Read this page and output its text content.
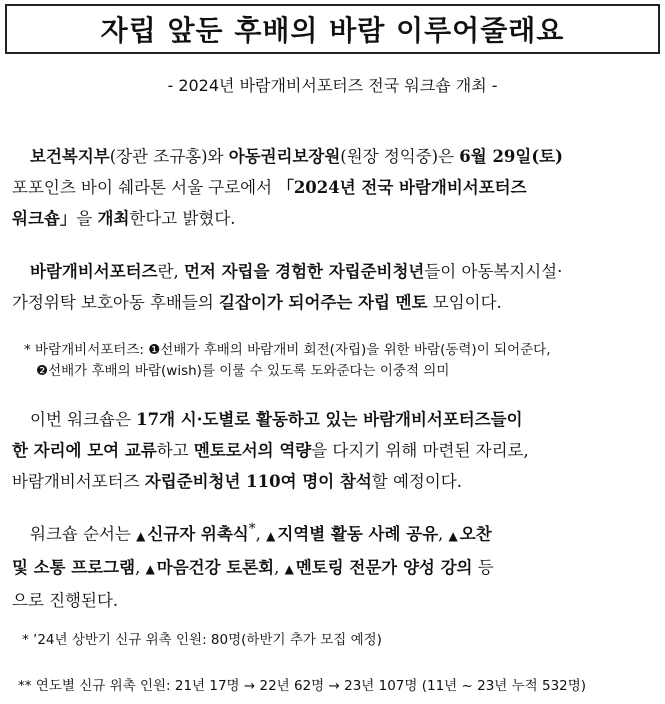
자립 앞둔 후배의 바람 이루어줄래요
- 2024년 바람개비서포터즈 전국 워크숍 개최 -
보건복지부(장관 조규홍)와 아동권리보장원(원장 정익중)은 6월 29일(토)
포포인츠 바이 쉐라톤 서울 구로에서 「2024년 전국 바람개비서포터즈
워크숍」을 개최한다고 밝혔다.
바람개비서포터즈란, 먼저 자립을 경험한 자립준비청년들이 아동복지시설·
가정위탁 보호아동 후배들의 길잡이가 되어주는 자립 멘토 모임이다.
* 바람개비서포터즈: ❶선배가 후배의 바람개비 회전(자립)을 위한 바람(동력)이 되어준다,
❷선배가 후배의 바람(wish)를 이룰 수 있도록 도와준다는 이중적 의미
이번 워크숍은 17개 시·도별로 활동하고 있는 바람개비서포터즈들이
한 자리에 모여 교류하고 멘토로서의 역량을 다지기 위해 마련된 자리로,
바람개비서포터즈 자립준비청년 110여 명이 참석할 예정이다.
워크숍 순서는 ▲ 신규자 위촉식*, ▲ 지역별 활동 사례 공유, ▲ 오찬
및 소통 프로그램, ▲ 마음건강 토론회, ▲ 멘토링 전문가 양성 강의 등
으로 진행된다.
* ’24년 상반기 신규 위촉 인원: 80명(하반기 추가 모집 예정)
** 연도별 신규 위촉 인원: 21년 17명 → 22년 62명 → 23년 107명 (11년 ~ 23년 누적 532명)
